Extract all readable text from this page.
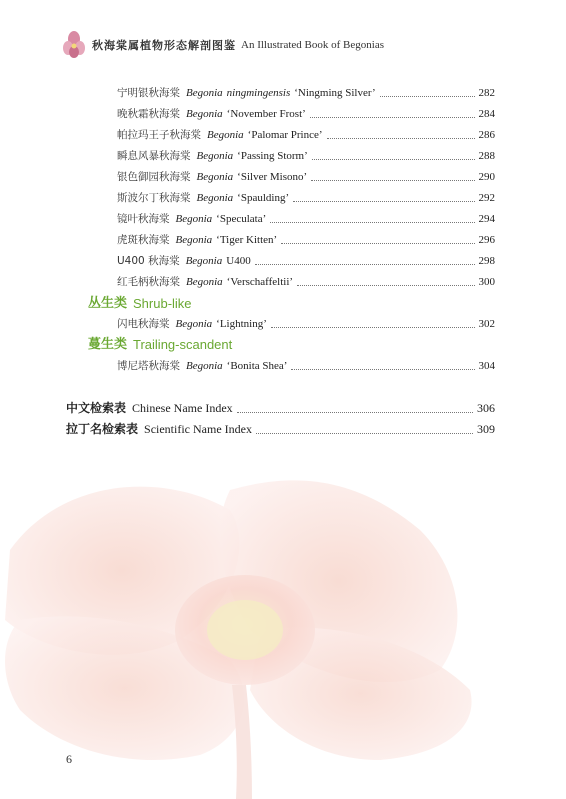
秋海棠属植物形态解剖图鉴 An Illustrated Book of Begonias
宁明银秋海棠 Begonia ningmingensis ‘Ningming Silver’	282
晚秋霜秋海棠 Begonia ‘November Frost’	284
帕拉玛王子秋海棠 Begonia ‘Palomar Prince’	286
瞬息风暴秋海棠 Begonia ‘Passing Storm’	288
银色御园秋海棠 Begonia ‘Silver Misono’	290
斯波尔丁秋海棠 Begonia ‘Spaulding’	292
镜叶秋海棠 Begonia ‘Speculata’	294
虎斑秋海棠 Begonia ‘Tiger Kitten’	296
U400 秋海棠 Begonia U400	298
红毛柄秋海棠 Begonia ‘Verschaffeltii’	300
丛生类 Shrub-like
闪电秋海棠 Begonia ‘Lightning’	302
蔓生类 Trailing-scandent
博尼塔秋海棠 Begonia ‘Bonita Shea’	304
中文检索表 Chinese Name Index	306
拉丁名检索表 Scientific Name Index	309
6
